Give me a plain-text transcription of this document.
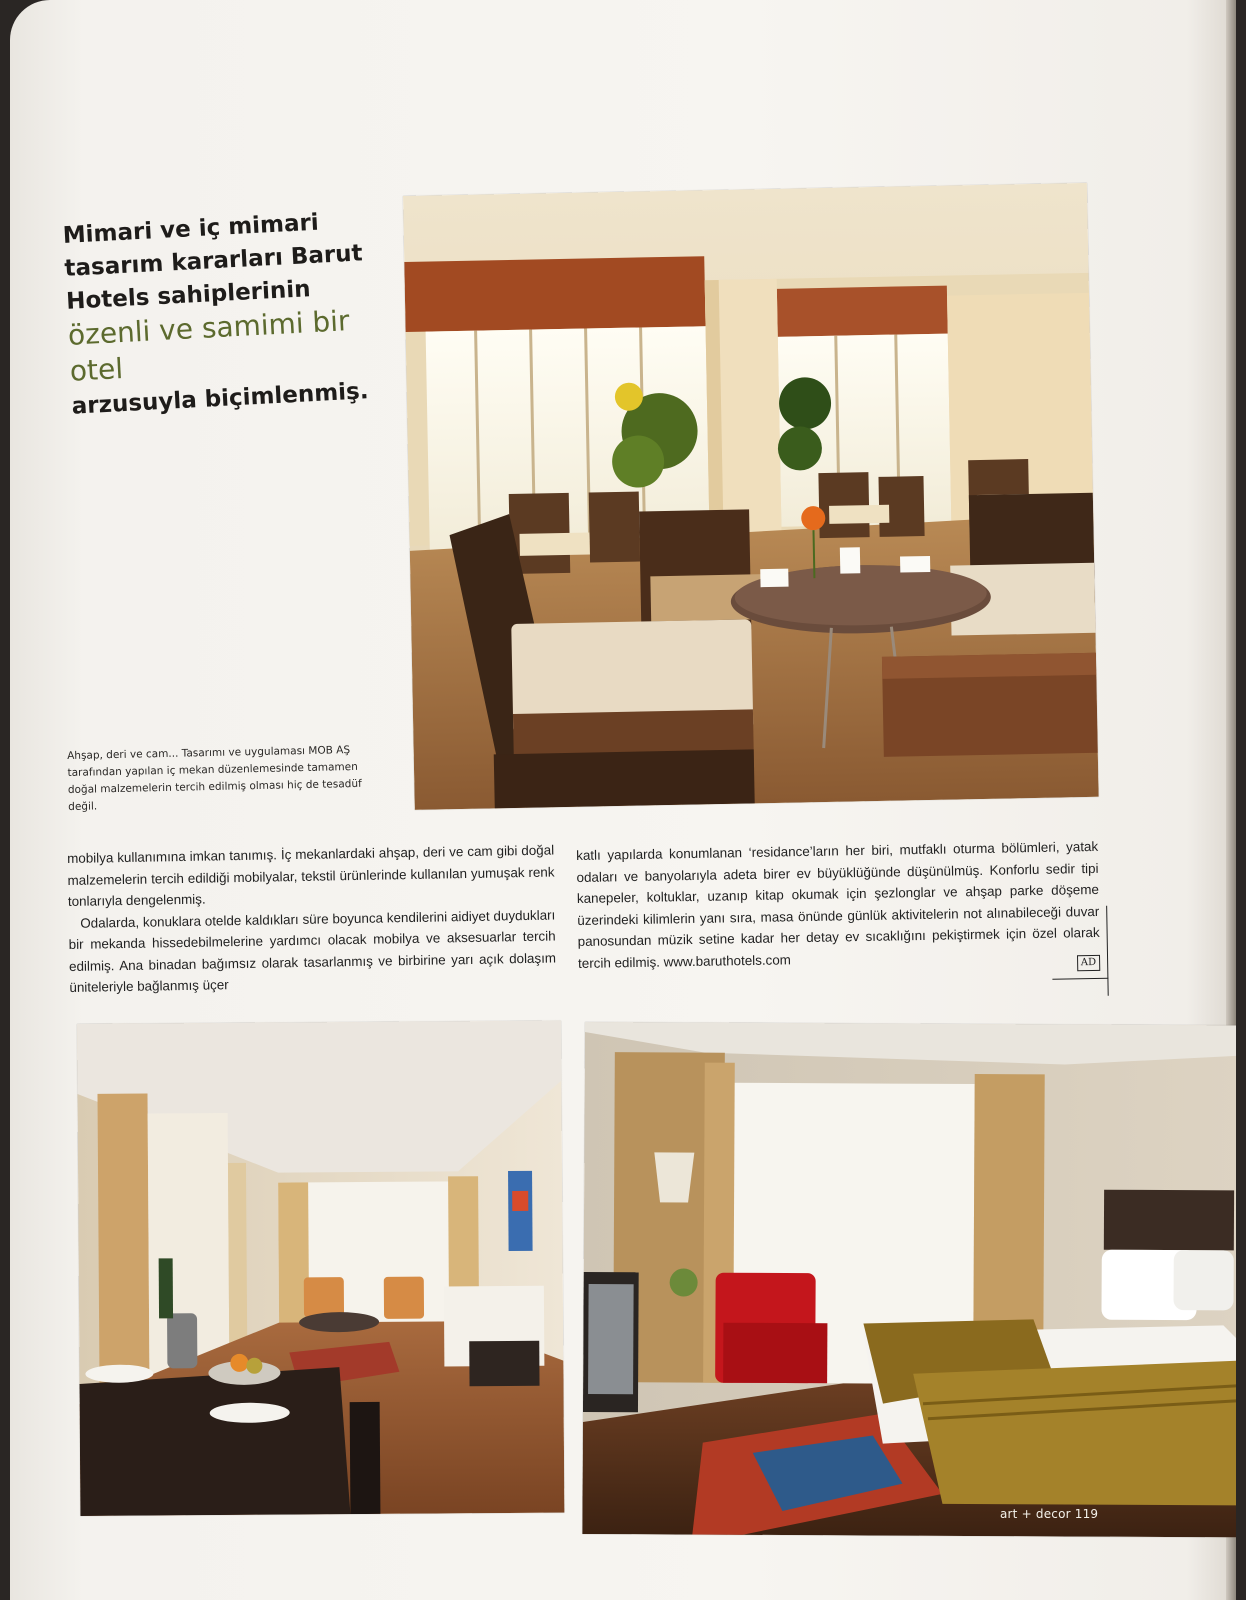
Mimari ve iç mimari
tasarım kararları Barut
Hotels sahiplerinin özenli ve samimi bir otel
arzusuyla biçimlenmiş.
Ahşap, deri ve cam... Tasarımı ve uygulaması MOB AŞ tarafından yapılan iç mekan düzenlemesinde tamamen doğal malzemelerin tercih edilmiş olması hiç de tesadüf değil.

mobilya kullanımına imkan tanımış. İç mekanlardaki ahşap, deri ve cam gibi doğal malzemelerin tercih edildiği mobilyalar, tekstil ürünlerinde kullanılan yumuşak renk tonlarıyla dengelenmiş.

Odalarda, konuklara otelde kaldıkları süre boyunca kendilerini aidiyet duydukları bir mekanda hissedebilmelerine yardımcı olacak mobilya ve aksesuarlar tercih edilmiş. Ana binadan bağımsız olarak tasarlanmış ve birbirine yarı açık dolaşım üniteleriyle bağlanmış üçer

katlı yapılarda konumlanan ‘residance’ların her biri, mutfaklı oturma bölümleri, yatak odaları ve banyolarıyla adeta birer ev büyüklüğünde düşünülmüş. Konforlu sedir tipi kanepeler, koltuklar, uzanıp kitap okumak için şezlonglar ve ahşap parke döşeme üzerindeki kilimlerin yanı sıra, masa önünde günlük aktivitelerin not alınabileceği duvar panosundan müzik setine kadar her detay ev sıcaklığını pekiştirmek için özel olarak tercih edilmiş. www.baruthotels.com	AD
art + decor 119
